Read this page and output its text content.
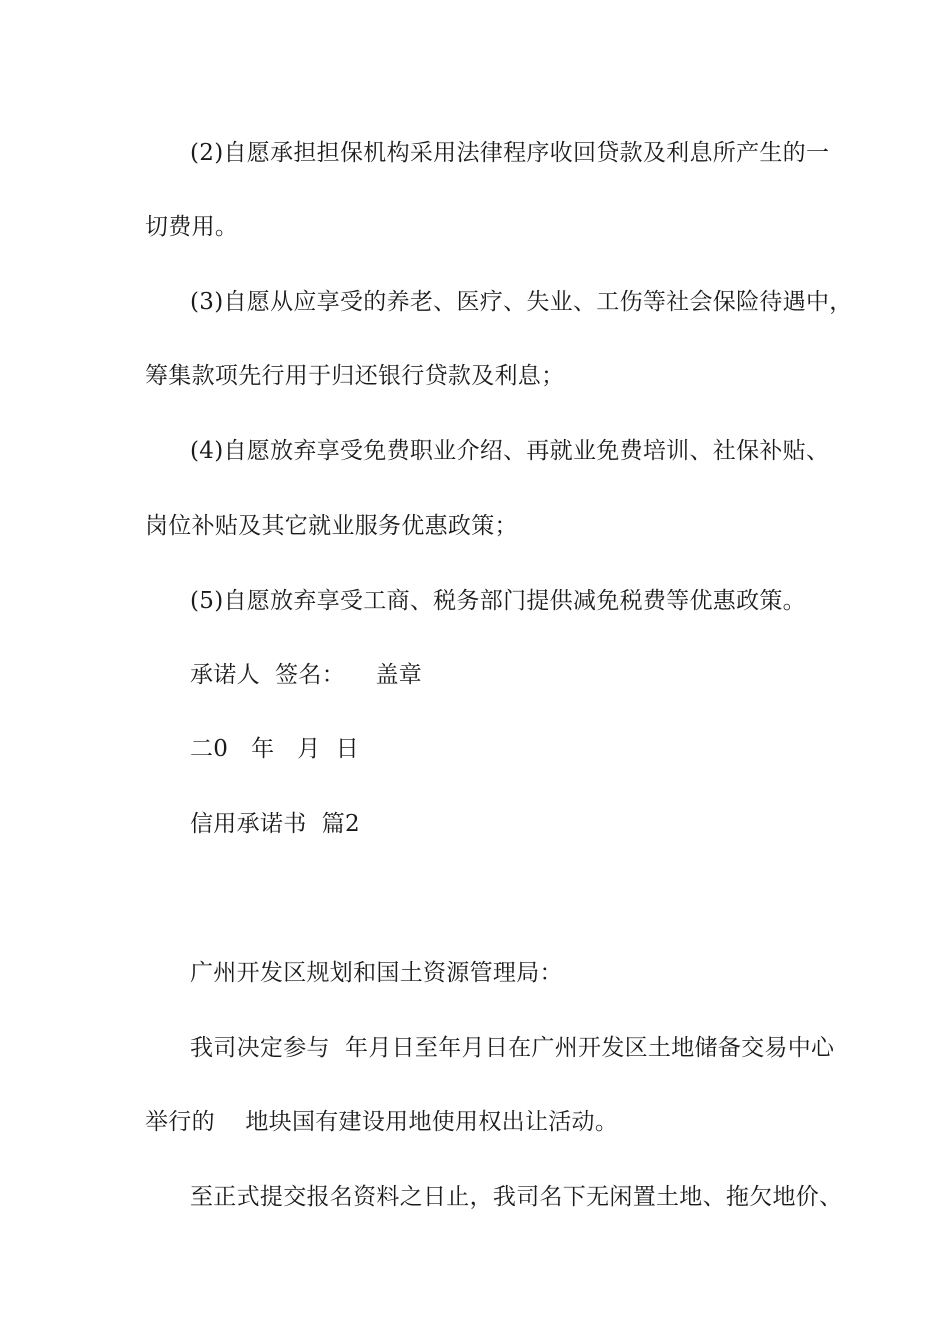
(2)自愿承担担保机构采用法律程序收回贷款及利息所产生的一
切费用。
(3)自愿从应享受的养老、医疗、失业、工伤等社会保险待遇中，
筹集款项先行用于归还银行贷款及利息；
(4)自愿放弃享受免费职业介绍、再就业免费培训、社保补贴、
岗位补贴及其它就业服务优惠政策；
(5)自愿放弃享受工商、税务部门提供减免税费等优惠政策。
承诺人  签名：    盖章
二0   年   月  日
信用承诺书  篇2
广州开发区规划和国土资源管理局：
我司决定参与  年月日至年月日在广州开发区土地储备交易中心
举行的    地块国有建设用地使用权出让活动。
至正式提交报名资料之日止，我司名下无闲置土地、拖欠地价、
